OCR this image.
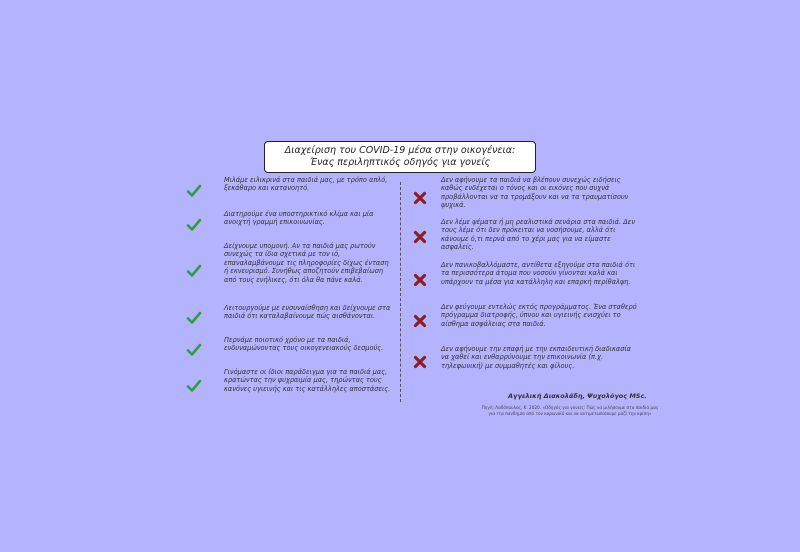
Διαχείριση του COVID-19 μέσα στην οικογένεια:
Ένας περιληπτικός οδηγός για γονείς
Μιλάμε ειλικρινά στα παιδιά μας, με τρόπο απλό, ξεκάθαρο και κατανοητό.
Διατηρούμε ένα υποστηρικτικό κλίμα και μία ανοιχτή γραμμή επικοινωνίας.
Δείχνουμε υπομονή. Αν τα παιδιά μας ρωτούν συνεχώς τα ίδια σχετικά με τον ιό, επαναλαμβάνουμε τις πληροφορίες δίχως ένταση ή εκνευρισμό. Συνήθως αποζητούν επιβεβαίωση από τους ενήλικες, ότι όλα θα πάνε καλά.
Λειτουργούμε με ενσυναίσθηση και δείχνουμε στα παιδιά ότι καταλαβαίνουμε πώς αισθάνονται.
Περνάμε ποιοτικό χρόνο με τα παιδιά, ενδυναμώνοντας τους οικογενειακούς δεσμούς.
Γινόμαστε οι ίδιοι παράδειγμα για τα παιδιά μας, κρατώντας την ψυχραιμία μας, τηρώντας τους κανόνες υγιεινής και τις κατάλληλες αποστάσεις.
Δεν αφήνουμε τα παιδιά να βλέπουν συνεχώς ειδήσεις καθώς ενδέχεται ο τόνος και οι εικόνες που συχνά προβάλλονται να τα τρομάξουν και να τα τραυματίσουν ψυχικά.
Δεν λέμε ψέματα ή μη ρεαλιστικά σενάρια στα παιδιά. Δεν τους λέμε ότι δεν πρόκειται να νοσήσουμε, αλλά ότι κάνουμε ό,τι περνά από το χέρι μας για να είμαστε ασφαλείς.
Δεν πανικοβαλλόμαστε, αντίθετα εξηγούμε στα παιδιά ότι τα περισσότερα άτομα που νοσούν γίνονται καλά και υπάρχουν τα μέσα για κατάλληλη και επαρκή περίθαλψη.
Δεν φεύγουμε εντελώς εκτός προγράμματος. Ένα σταθερό πρόγραμμα διατροφής, ύπνου και υγιεινής ενισχύει το αίσθημα ασφάλειας στα παιδιά.
Δεν αφήνουμε την επαφή με την εκπαιδευτική διαδικασία να χαθεί και ενθαρρύνουμε την επικοινωνία (π.χ. τηλεφωνική) με συμμαθητές και φίλους.
Αγγελική Διακολάδη, Ψυχολόγος MSc.
Πηγή: Λαδόπουλος, Κ. 2020. «Οδηγός για γονείς: Πώς να μιλήσουμε στα παιδιά μας για την πανδημία από τον κορωνοϊό και να αντιμετωπίσουμε μαζί την κρίση»
